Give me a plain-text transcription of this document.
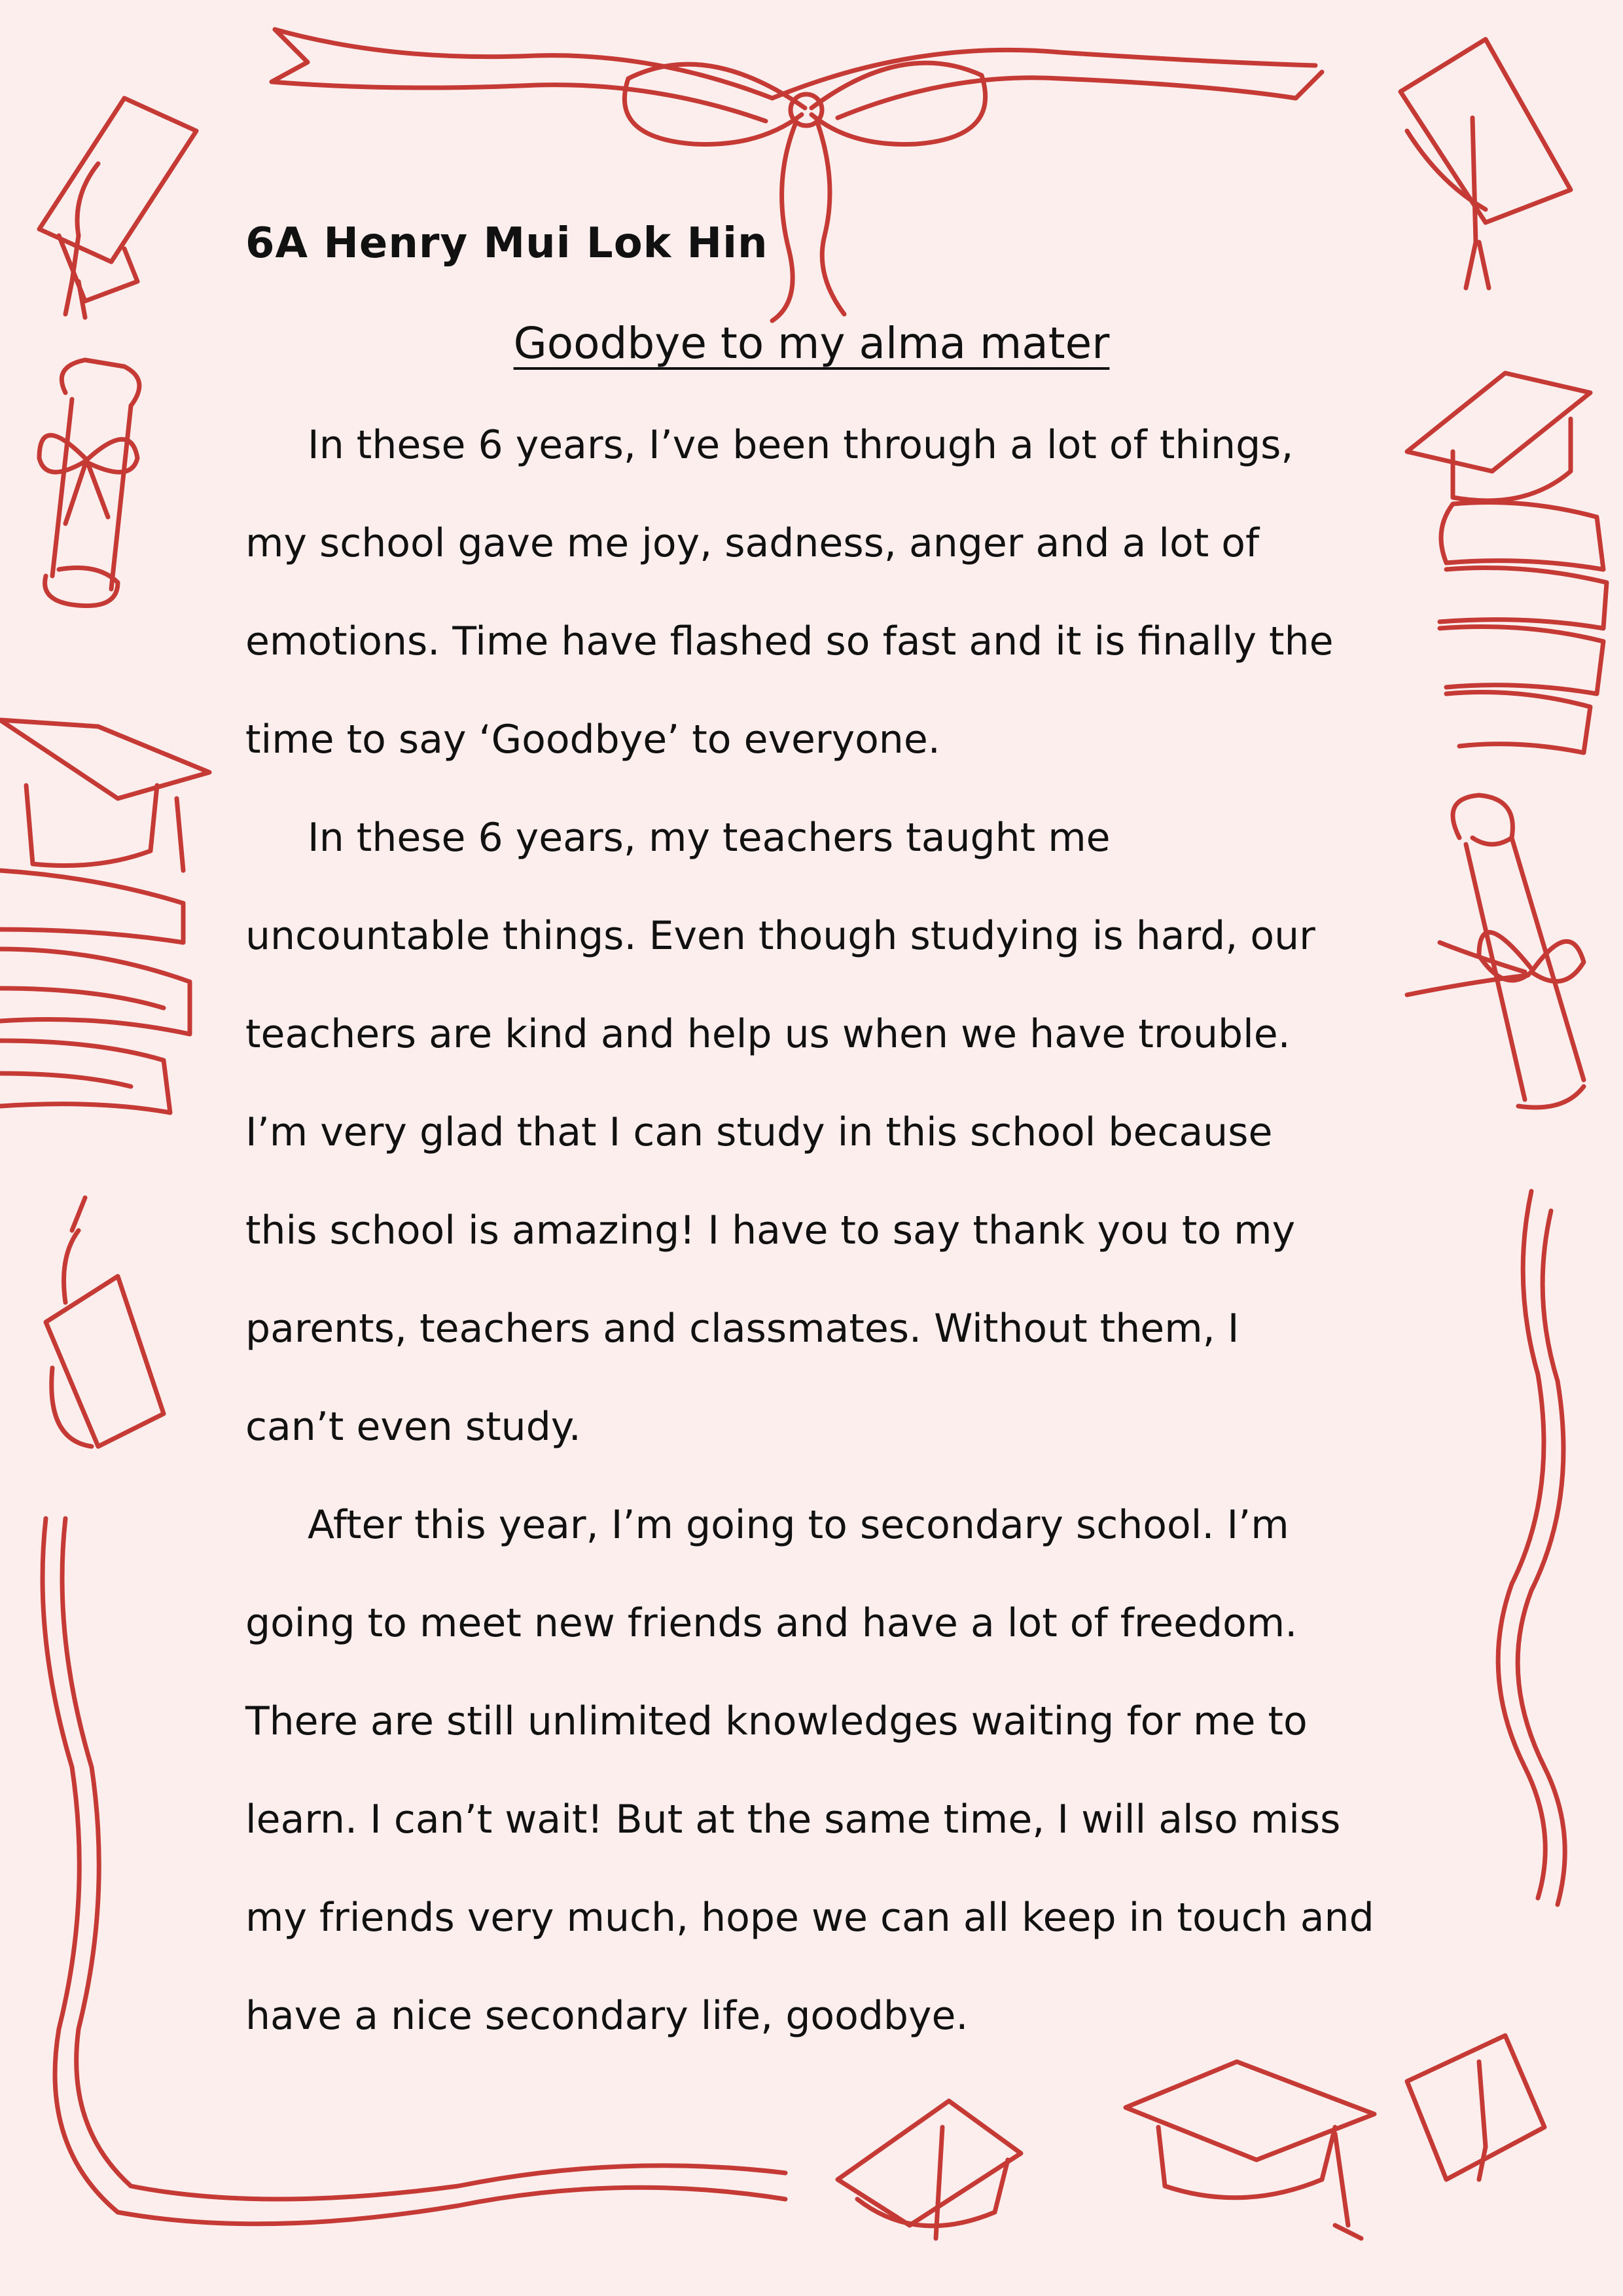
6A Henry Mui Lok Hin
Goodbye to my alma mater

In these 6 years, I’ve been through a lot of things,

my school gave me joy, sadness, anger and a lot of

emotions. Time have flashed so fast and it is finally the

time to say ‘Goodbye’ to everyone.

In these 6 years, my teachers taught me

uncountable things. Even though studying is hard, our

teachers are kind and help us when we have trouble.

I’m very glad that I can study in this school because

this school is amazing! I have to say thank you to my

parents, teachers and classmates. Without them, I

can’t even study.

After this year, I’m going to secondary school. I’m

going to meet new friends and have a lot of freedom.

There are still unlimited knowledges waiting for me to

learn. I can’t wait! But at the same time, I will also miss

my friends very much, hope we can all keep in touch and

have a nice secondary life, goodbye.
